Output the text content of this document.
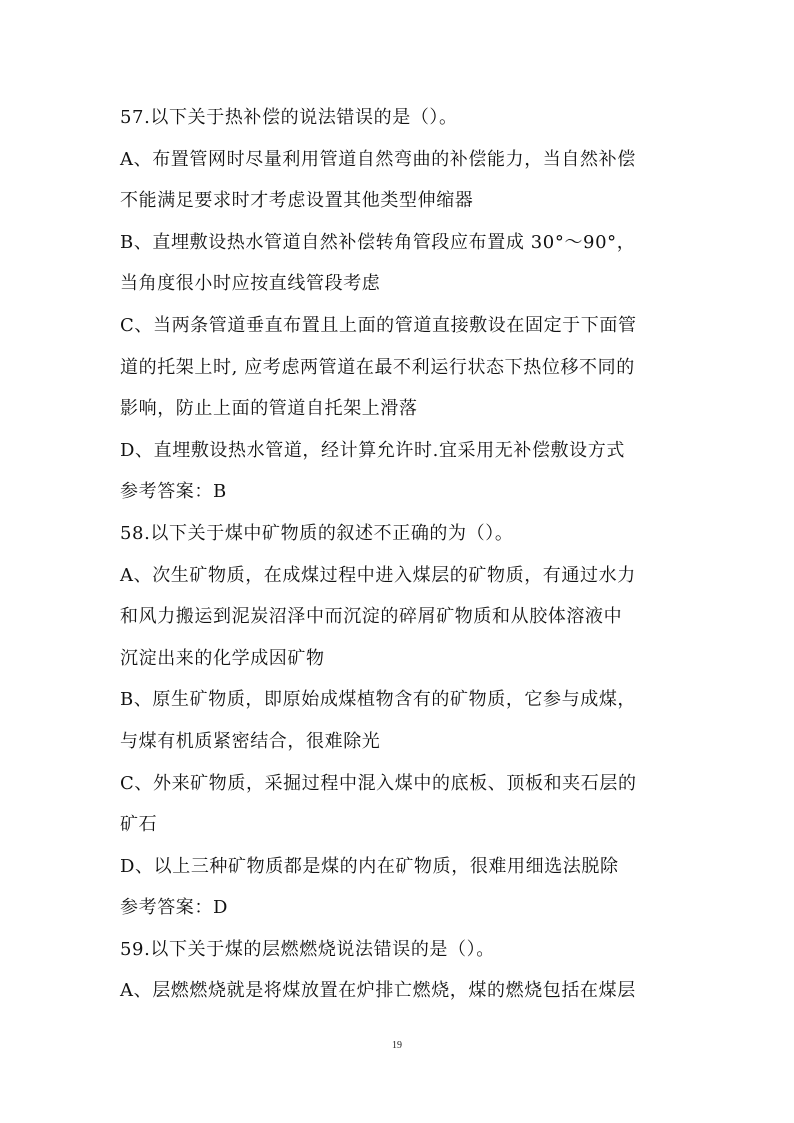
57.以下关于热补偿的说法错误的是（）。
A、布置管网时尽量利用管道自然弯曲的补偿能力，当自然补偿
不能满足要求时才考虑设置其他类型伸缩器
B、直埋敷设热水管道自然补偿转角管段应布置成 30°～90°，
当角度很小时应按直线管段考虑
C、当两条管道垂直布置且上面的管道直接敷设在固定于下面管
道的托架上时, 应考虑两管道在最不利运行状态下热位移不同的
影响，防止上面的管道自托架上滑落
D、直埋敷设热水管道，经计算允许时.宜采用无补偿敷设方式
参考答案：B
58.以下关于煤中矿物质的叙述不正确的为（）。
A、次生矿物质，在成煤过程中进入煤层的矿物质，有通过水力
和风力搬运到泥炭沼泽中而沉淀的碎屑矿物质和从胶体溶液中
沉淀出来的化学成因矿物
B、原生矿物质，即原始成煤植物含有的矿物质，它参与成煤，
与煤有机质紧密结合，很难除光
C、外来矿物质，采掘过程中混入煤中的底板、顶板和夹石层的
矿石
D、以上三种矿物质都是煤的内在矿物质，很难用细选法脱除
参考答案：D
59.以下关于煤的层燃燃烧说法错误的是（）。
A、层燃燃烧就是将煤放置在炉排亡燃烧，煤的燃烧包括在煤层
19
